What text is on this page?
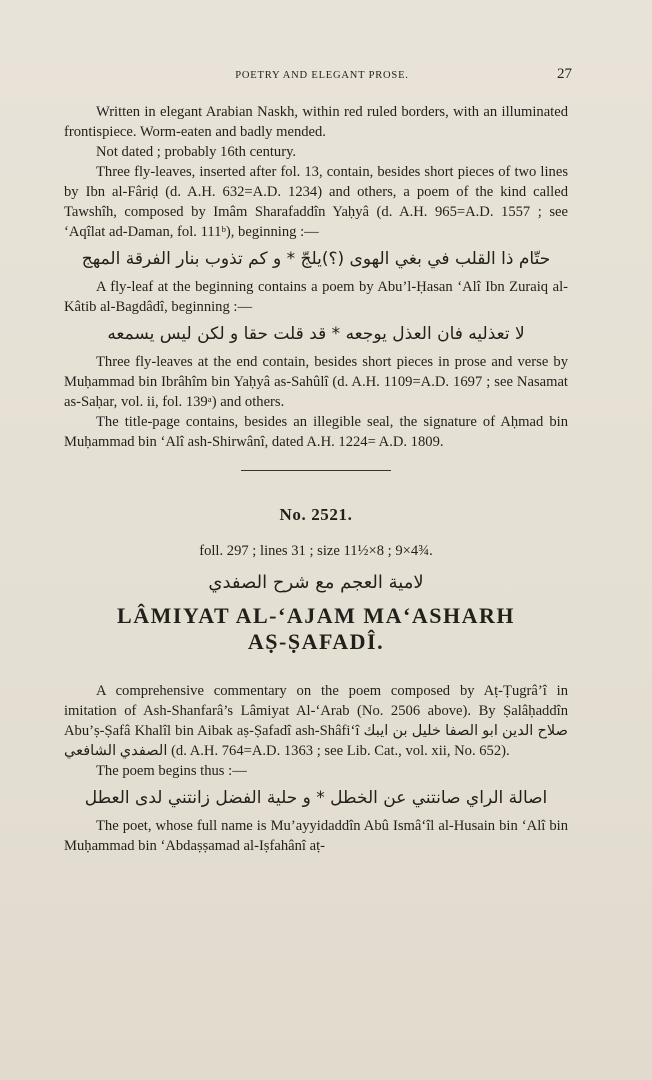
POETRY AND ELEGANT PROSE.	27

Written in elegant Arabian Naskh, within red ruled borders, with an illuminated frontispiece. Worm-eaten and badly mended.

Not dated ; probably 16th century.

Three fly-leaves, inserted after fol. 13, contain, besides short pieces of two lines by Ibn al-Fâriḍ (d. A.H. 632=A.D. 1234) and others, a poem of the kind called Tawshîh, composed by Imâm Sharafaddîn Yaḥyâ (d. A.H. 965=A.D. 1557 ; see ‘Aqîlat ad-Daman, fol. 111ᵇ), beginning :—

حتّام ذا القلب في بغي الهوى (؟)يلجّ * و كم تذوب بنار الفرقة المهج

A fly-leaf at the beginning contains a poem by Abu’l-Ḥasan ‘Alî Ibn Zuraiq al-Kâtib al-Bagdâdî, beginning :—

لا تعذليه فان العذل يوجعه * قد قلت حقا و لكن ليس يسمعه

Three fly-leaves at the end contain, besides short pieces in prose and verse by Muḥammad bin Ibrâhîm bin Yaḥyâ as-Sahûlî (d. A.H. 1109=A.D. 1697 ; see Nasamat as-Saḥar, vol. ii, fol. 139ᵃ) and others.

The title-page contains, besides an illegible seal, the signature of Aḥmad bin Muḥammad bin ‘Alî ash-Shirwânî, dated A.H. 1224= A.D. 1809.

No. 2521.
foll. 297 ; lines 31 ; size 11½×8 ; 9×4¾.
لامية العجم مع شرح الصفدي
LÂMIYAT AL-‘AJAM MA‘ASHARH
AṢ-ṢAFADÎ.

A comprehensive commentary on the poem composed by Aṭ-Ṭugrâ’î in imitation of Ash-Shanfarâ’s Lâmiyat Al-‘Arab (No. 2506 above). By Ṣalâḥaddîn Abu’ṣ-Ṣafâ Khalîl bin Aibak aṣ-Ṣafadî ash-Shâfi‘î صلاح الدين ابو الصفا خليل بن ايبك الصفدي الشافعي (d. A.H. 764=A.D. 1363 ; see Lib. Cat., vol. xii, No. 652).

The poem begins thus :—

اصالة الراي صانتني عن الخطل * و حلية الفضل زانتني لدى العطل

The poet, whose full name is Mu’ayyidaddîn Abû Ismâ‘îl al-Husain bin ‘Alî bin Muḥammad bin ‘Abdaṣṣamad al-Iṣfahânî aṭ-
